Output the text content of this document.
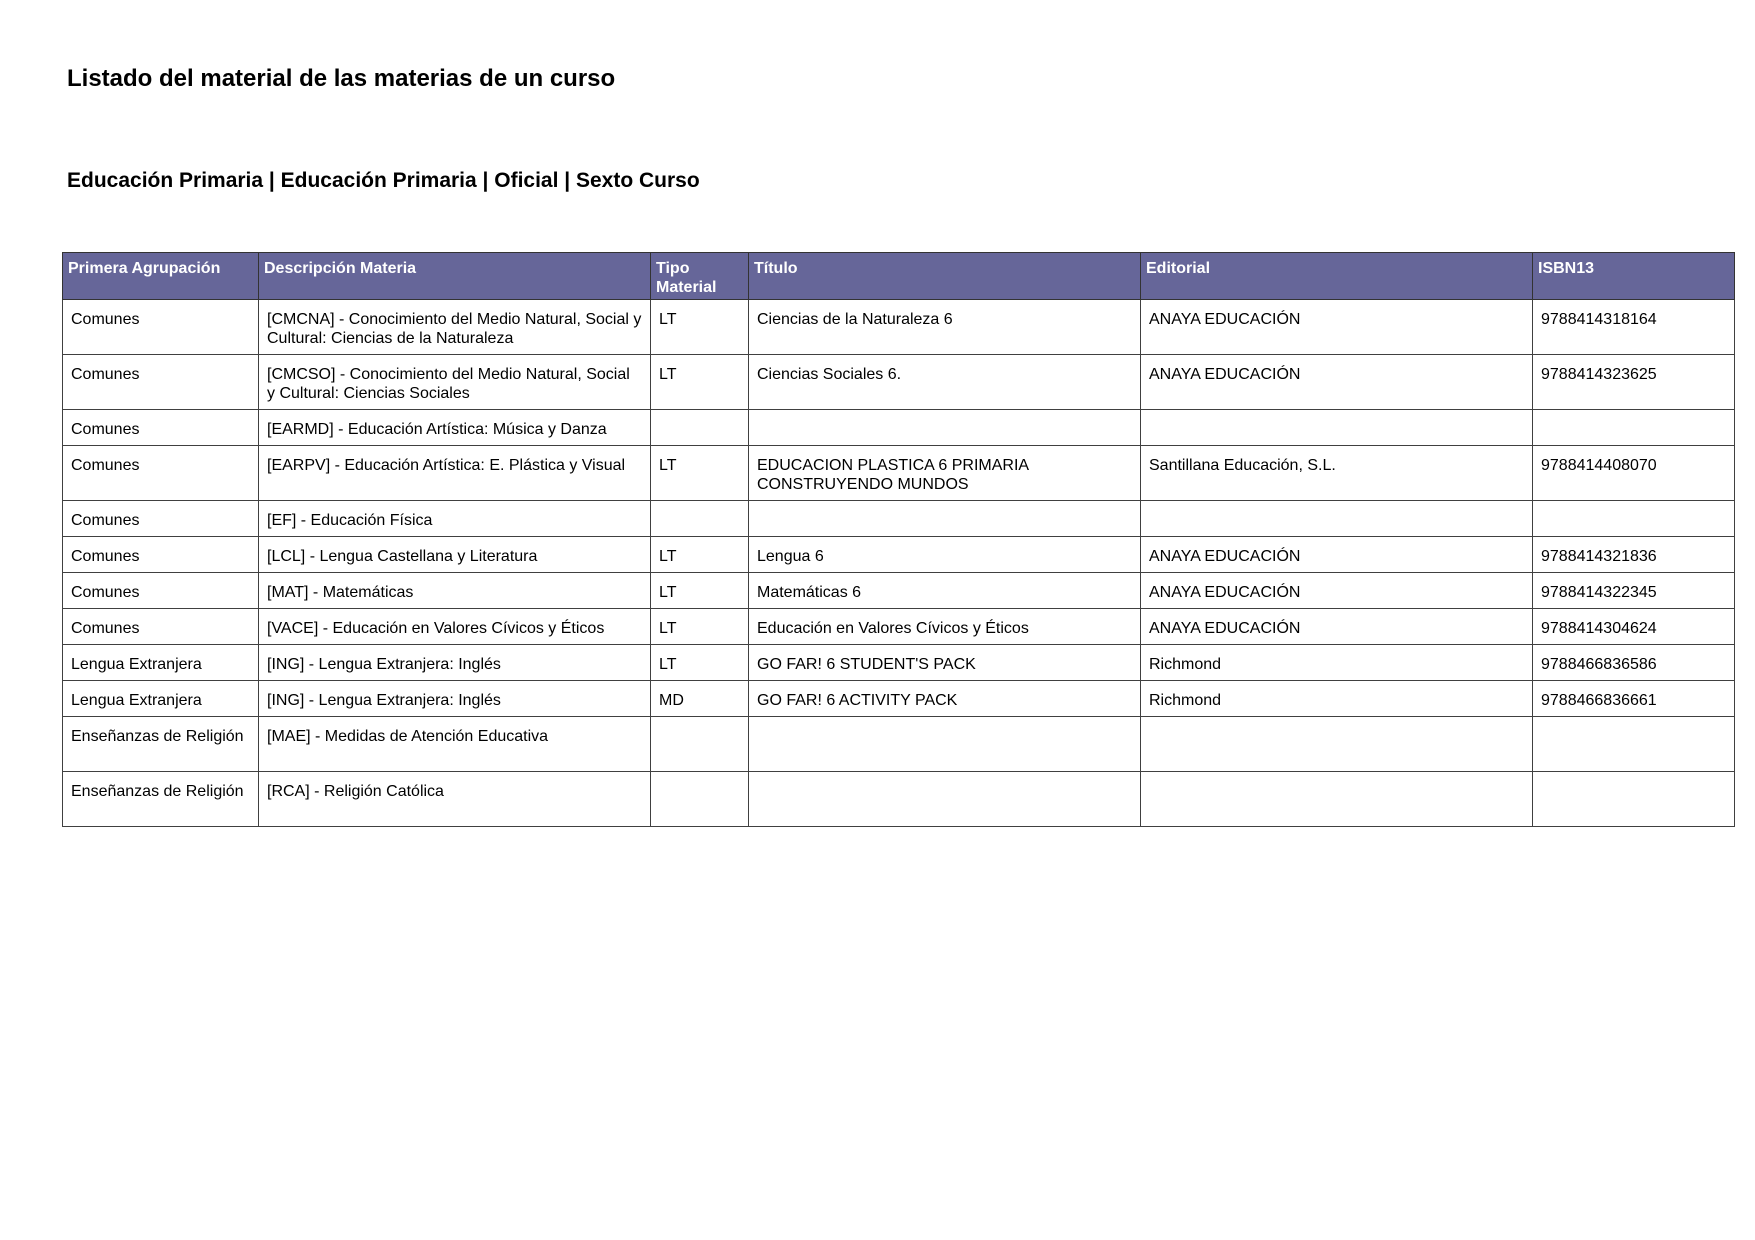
Listado del material de las materias de un curso
Educación Primaria | Educación Primaria | Oficial | Sexto Curso
Primera Agrupación	Descripción Materia	Tipo Material	Título	Editorial	ISBN13
Comunes	[CMCNA] - Conocimiento del Medio Natural, Social y Cultural: Ciencias de la Naturaleza	LT	Ciencias de la Naturaleza 6	ANAYA EDUCACIÓN	9788414318164
Comunes	[CMCSO] - Conocimiento del Medio Natural, Social y Cultural: Ciencias Sociales	LT	Ciencias Sociales 6.	ANAYA EDUCACIÓN	9788414323625
Comunes	[EARMD] - Educación Artística: Música y Danza				
Comunes	[EARPV] - Educación Artística: E. Plástica y Visual	LT	EDUCACION PLASTICA 6 PRIMARIA CONSTRUYENDO MUNDOS	Santillana Educación, S.L.	9788414408070
Comunes	[EF] - Educación Física				
Comunes	[LCL] - Lengua Castellana y Literatura	LT	Lengua 6	ANAYA EDUCACIÓN	9788414321836
Comunes	[MAT] - Matemáticas	LT	Matemáticas 6	ANAYA EDUCACIÓN	9788414322345
Comunes	[VACE] - Educación en Valores Cívicos y Éticos	LT	Educación en Valores Cívicos y Éticos	ANAYA EDUCACIÓN	9788414304624
Lengua Extranjera	[ING] - Lengua Extranjera: Inglés	LT	GO FAR! 6 STUDENT'S PACK	Richmond	9788466836586
Lengua Extranjera	[ING] - Lengua Extranjera: Inglés	MD	GO FAR! 6 ACTIVITY PACK	Richmond	9788466836661
Enseñanzas de Religión	[MAE] - Medidas de Atención Educativa				
Enseñanzas de Religión	[RCA] - Religión Católica				
